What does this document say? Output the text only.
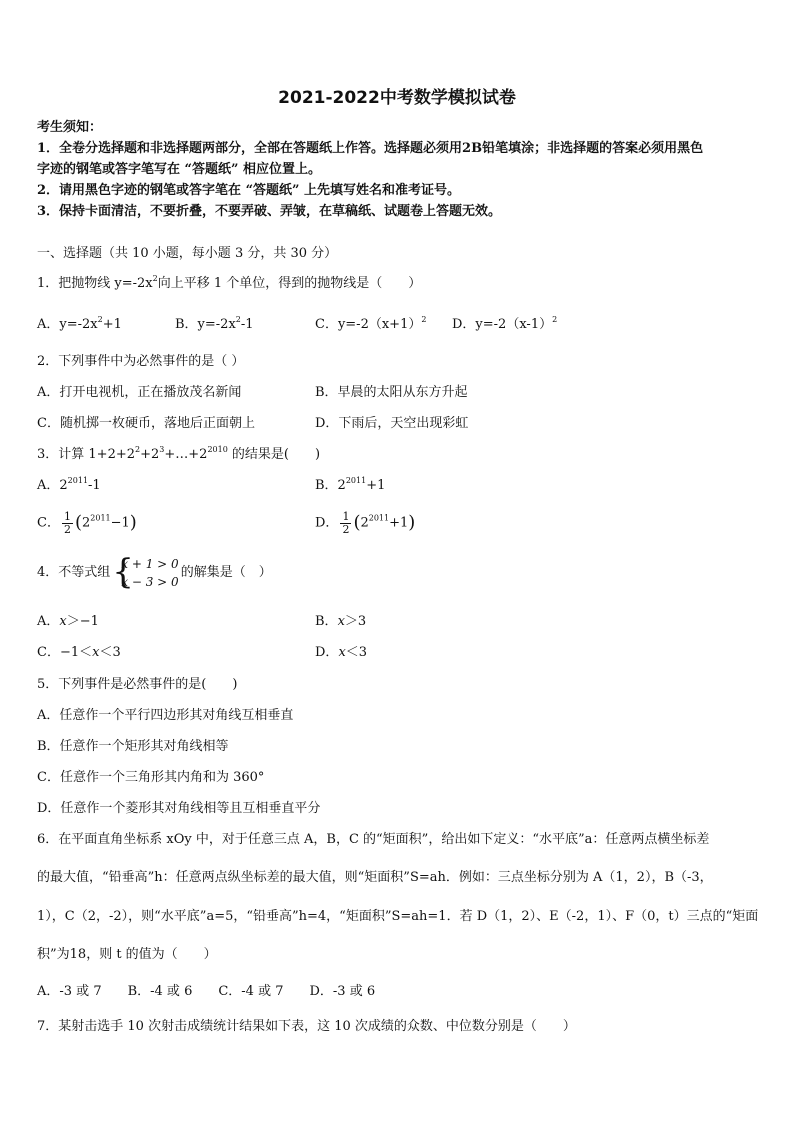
2021-2022中考数学模拟试卷
考生须知：
1．全卷分选择题和非选择题两部分，全部在答题纸上作答。选择题必须用2B铅笔填涂；非选择题的答案必须用黑色
字迹的钢笔或答字笔写在 “答题纸” 相应位置上。
2．请用黑色字迹的钢笔或答字笔在 “答题纸” 上先填写姓名和准考证号。
3．保持卡面清洁，不要折叠，不要弄破、弄皱，在草稿纸、试题卷上答题无效。
一、选择题（共 10 小题，每小题 3 分，共 30 分）
1．把抛物线 $y=-2x^2$向上平移 1 个单位，得到的抛物线是（　　）
A．$y=-2x^2+1$	B．$y=-2x^2-1$	C．$y=-2(x+1)^2$ D．$y=-2(x-1)^2$
2．下列事件中为必然事件的是（ ）
A．打开电视机，正在播放茂名新闻	B．早晨的太阳从东方升起
C．随机掷一枚硬币，落地后正面朝上	D．下雨后，天空出现彩虹
3．计算 $1+2+2^2+2^3+\dots+2^{2010}$ 的结果是(　　)
A．$2^{2011}-1$	B．$2^{2011}+1$
C． $\frac{1}{2} (2^{2011}-1)$	D． $\frac{1}{2} (2^{2011}+1)$
4．不等式组 {
x + 1 > 0
x − 3 > 0
的解集是（　）
A．x＞−1	B．x＞3
C．−1＜x＜3	D．x＜3
5．下列事件是必然事件的是(　　)
A．任意作一个平行四边形其对角线互相垂直
B．任意作一个矩形其对角线相等
C．任意作一个三角形其内角和为 360°
D．任意作一个菱形其对角线相等且互相垂直平分
6．在平面直角坐标系 xOy 中，对于任意三点 A，B，C 的“矩面积”，给出如下定义：“水平底”a：任意两点横坐标差
的最大值，“铅垂高”h：任意两点纵坐标差的最大值，则“矩面积”S=ah．例如：三点坐标分别为 A（1，2），B（-3，
1），C（2，-2），则“水平底”a=5，“铅垂高”h=4，“矩面积”S=ah=1．若 D（1，2）、E（-2，1）、F（0，t）三点的“矩面
积”为18，则 t 的值为（　　）
A．-3 或 7　　B．-4 或 6　　C．-4 或 7　　D．-3 或 6
7．某射击选手 10 次射击成绩统计结果如下表，这 10 次成绩的众数、中位数分别是（　　）
